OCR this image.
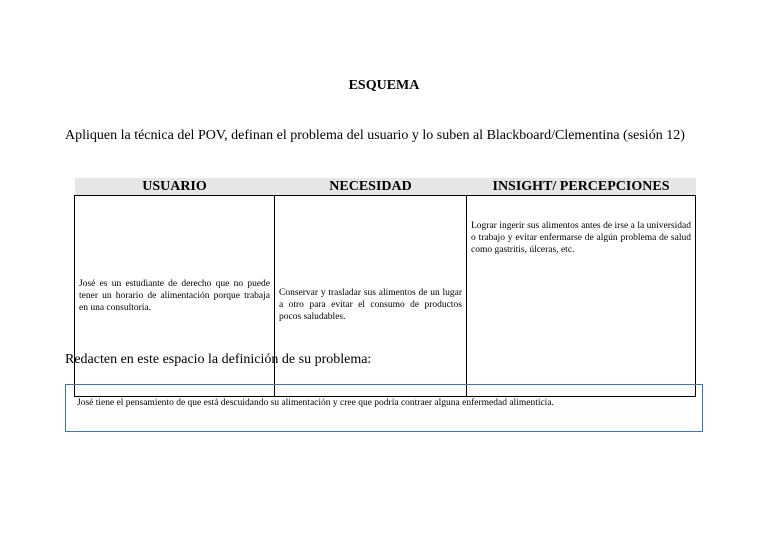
ESQUEMA
Apliquen la técnica del POV, definan el problema del usuario y lo suben al Blackboard/Clementina (sesión 12)
USUARIO	NECESIDAD	INSIGHT/ PERCEPCIONES
José es un estudiante de derecho que no puede tener un horario de alimentación porque trabaja en una consultoría.	Conservar y trasladar sus alimentos de un lugar a otro para evitar el consumo de productos pocos saludables.	Lograr ingerir sus alimentos antes de irse a la universidad o trabajo y evitar enfermarse de algún problema de salud como gastritis, úlceras, etc.
Redacten en este espacio la definición de su problema:
José tiene el pensamiento de que está descuidando su alimentación y cree que podría contraer alguna enfermedad alimenticia.
